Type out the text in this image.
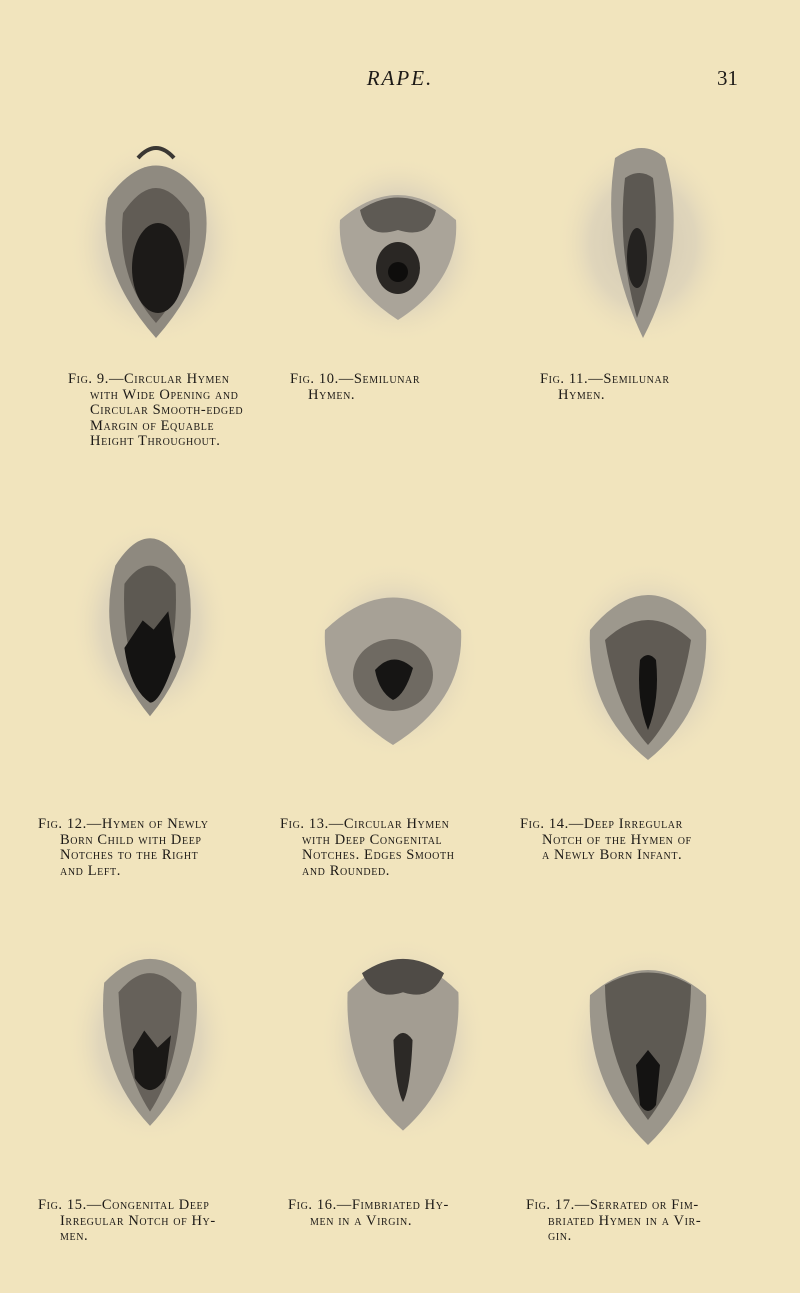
RAPE.	31
Fig. 9.—Circular Hymen
with Wide Opening and
Circular Smooth-edged
Margin of Equable
Height Throughout.
Fig. 10.—Semilunar
Hymen.
Fig. 11.—Semilunar
Hymen.
Fig. 12.—Hymen of Newly
Born Child with Deep
Notches to the Right
and Left.
Fig. 13.—Circular Hymen
with Deep Congenital
Notches. Edges Smooth
and Rounded.
Fig. 14.—Deep Irregular
Notch of the Hymen of
a Newly Born Infant.
Fig. 15.—Congenital Deep
Irregular Notch of Hy-
men.
Fig. 16.—Fimbriated Hy-
men in a Virgin.
Fig. 17.—Serrated or Fim-
briated Hymen in a Vir-
gin.
